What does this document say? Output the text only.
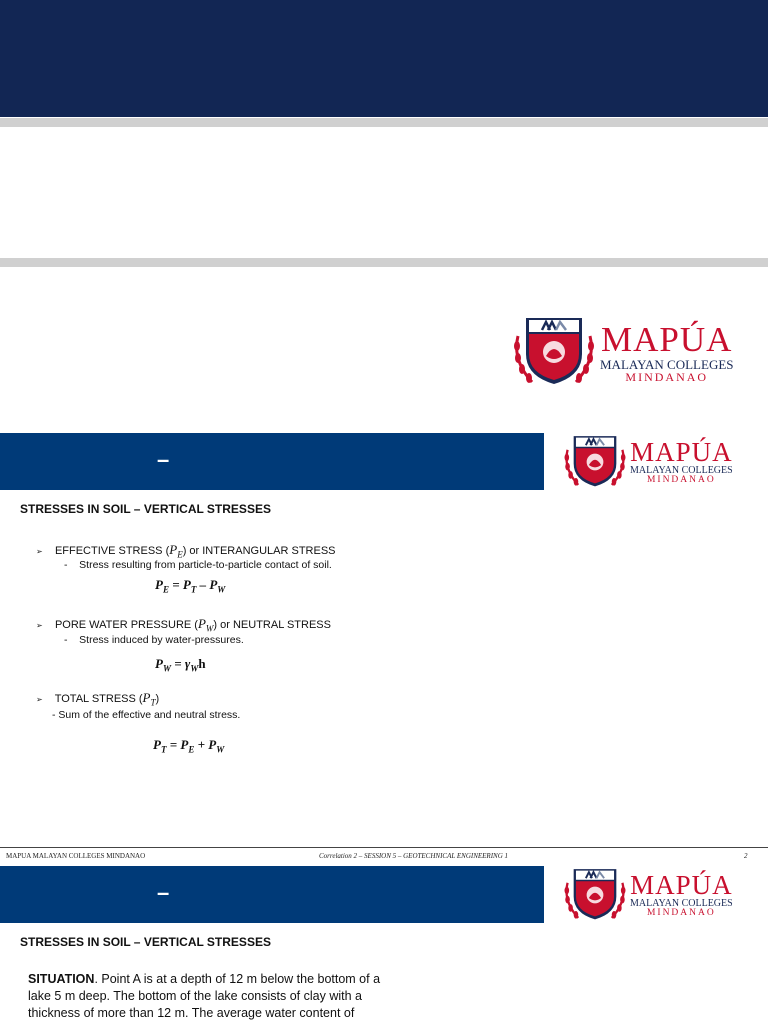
MAPÚA
MALAYAN COLLEGES
MINDANAO
–	MAPÚA
MALAYAN COLLEGES
MINDANAO
STRESSES IN SOIL – VERTICAL STRESSES
➢ EFFECTIVE STRESS $(P_E)$ or INTERANGULAR STRESS
-    Stress resulting from particle-to-particle contact of soil.
$P_E = P_T - P_W$
➢ PORE WATER PRESSURE $(P_W)$ or NEUTRAL STRESS
-    Stress induced by water-pressures.
$P_W = \gamma_Wh$
➢ TOTAL STRESS $(P_T)$
- Sum of the effective and neutral stress.
$P_T = P_E + P_W$
MAPUA MALAYAN COLLEGES MINDANAO	Correlation 2 – SESSION 5 – GEOTECHNICAL ENGINEERING 1	2
–	MAPÚA
MALAYAN COLLEGES
MINDANAO
STRESSES IN SOIL – VERTICAL STRESSES
SITUATION. Point A is at a depth of 12 m below the bottom of a lake 5 m deep. The bottom of the lake consists of clay with a thickness of more than 12 m. The average water content of
